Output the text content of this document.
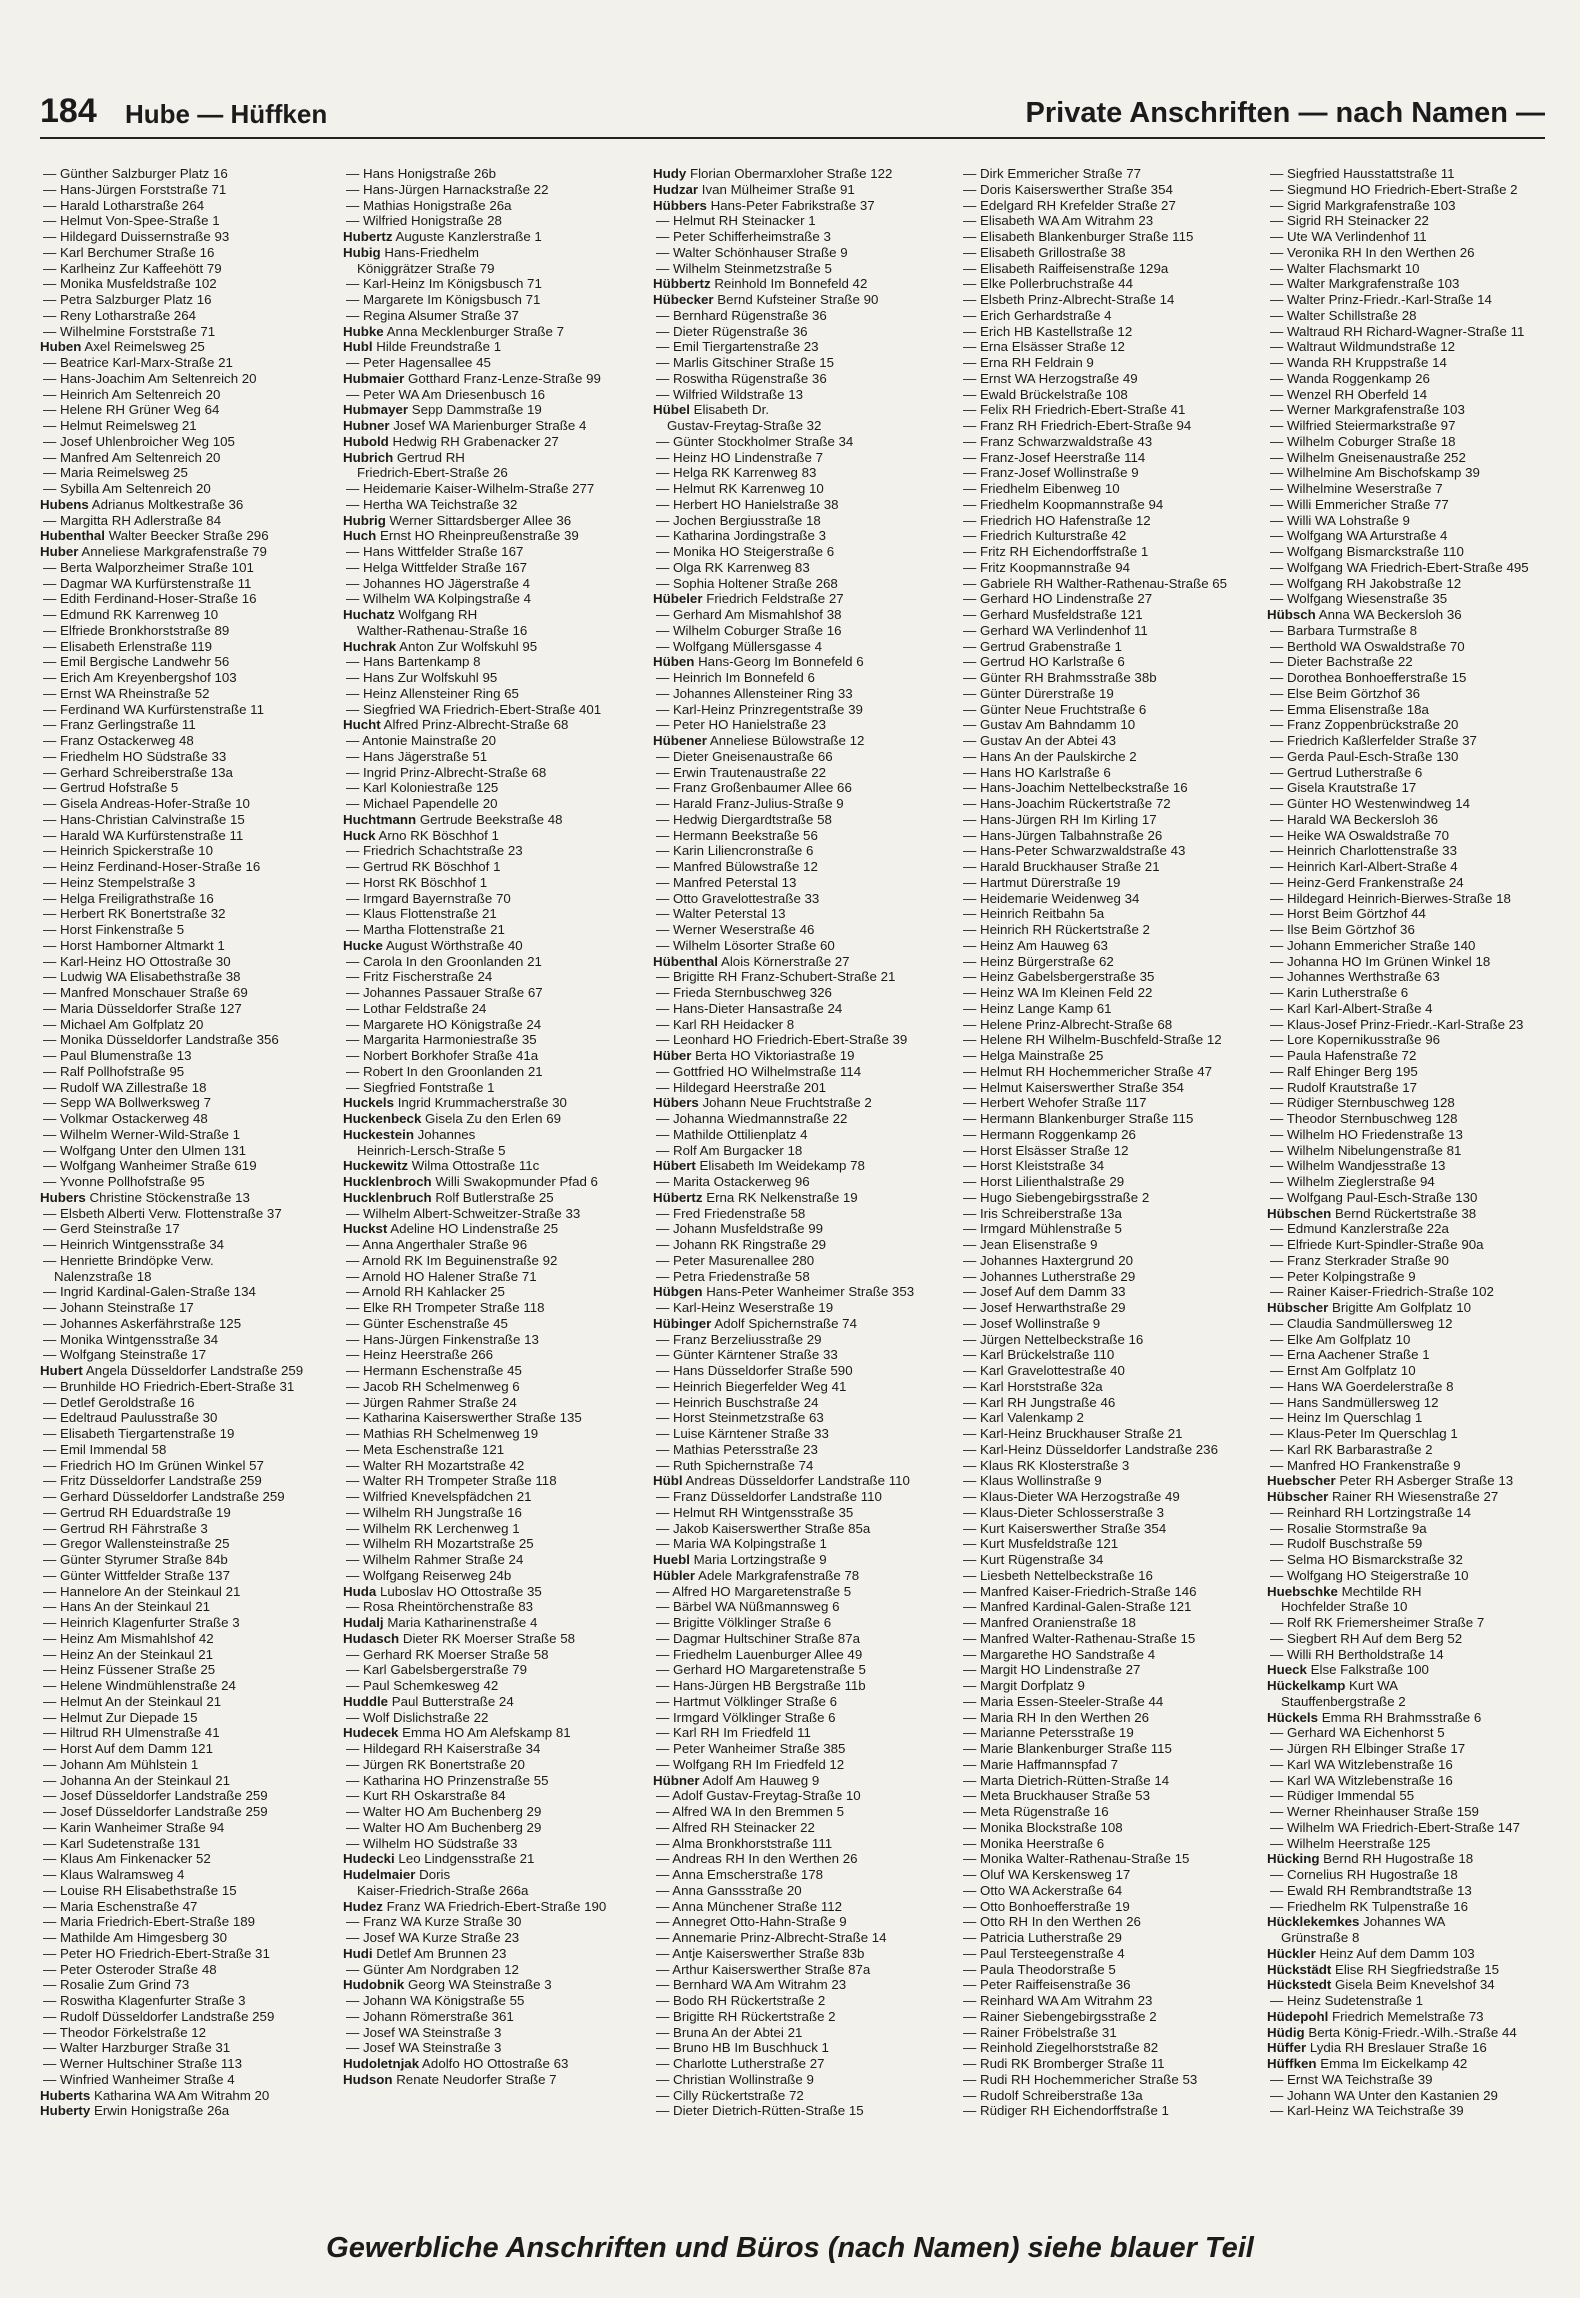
184 Hube — Hüffken	Private Anschriften — nach Namen —
— Günther Salzburger Platz 16
— Hans-Jürgen Forststraße 71
— Harald Lotharstraße 264
— Helmut Von-Spee-Straße 1
— Hildegard Duissernstraße 93
— Karl Berchumer Straße 16
— Karlheinz Zur Kaffeehött 79
— Monika Musfeldstraße 102
— Petra Salzburger Platz 16
— Reny Lotharstraße 264
— Wilhelmine Forststraße 71
Huben Axel Reimelsweg 25
— Beatrice Karl-Marx-Straße 21
— Hans-Joachim Am Seltenreich 20
— Heinrich Am Seltenreich 20
— Helene RH Grüner Weg 64
— Helmut Reimelsweg 21
— Josef Uhlenbroicher Weg 105
— Manfred Am Seltenreich 20
— Maria Reimelsweg 25
— Sybilla Am Seltenreich 20
Hubens Adrianus Moltkestraße 36
— Margitta RH Adlerstraße 84
Hubenthal Walter Beecker Straße 296
Huber Anneliese Markgrafenstraße 79
— Berta Walporzheimer Straße 101
— Dagmar WA Kurfürstenstraße 11
— Edith Ferdinand-Hoser-Straße 16
— Edmund RK Karrenweg 10
— Elfriede Bronkhorststraße 89
— Elisabeth Erlenstraße 119
— Emil Bergische Landwehr 56
— Erich Am Kreyenbergshof 103
— Ernst WA Rheinstraße 52
— Ferdinand WA Kurfürstenstraße 11
— Franz Gerlingstraße 11
— Franz Ostackerweg 48
— Friedhelm HO Südstraße 33
— Gerhard Schreiberstraße 13a
— Gertrud Hofstraße 5
— Gisela Andreas-Hofer-Straße 10
— Hans-Christian Calvinstraße 15
— Harald WA Kurfürstenstraße 11
— Heinrich Spickerstraße 10
— Heinz Ferdinand-Hoser-Straße 16
— Heinz Stempelstraße 3
— Helga Freiligrathstraße 16
— Herbert RK Bonertstraße 32
— Horst Finkenstraße 5
— Horst Hamborner Altmarkt 1
— Karl-Heinz HO Ottostraße 30
— Ludwig WA Elisabethstraße 38
— Manfred Monschauer Straße 69
— Maria Düsseldorfer Straße 127
— Michael Am Golfplatz 20
— Monika Düsseldorfer Landstraße 356
— Paul Blumenstraße 13
— Ralf Pollhofstraße 95
— Rudolf WA Zillestraße 18
— Sepp WA Bollwerksweg 7
— Volkmar Ostackerweg 48
— Wilhelm Werner-Wild-Straße 1
— Wolfgang Unter den Ulmen 131
— Wolfgang Wanheimer Straße 619
— Yvonne Pollhofstraße 95
Hubers Christine Stöckenstraße 13
— Elsbeth Alberti Verw. Flottenstraße 37
— Gerd Steinstraße 17
— Heinrich Wintgensstraße 34
— Henriette Brindöpke Verw.
Nalenzstraße 18
— Ingrid Kardinal-Galen-Straße 134
— Johann Steinstraße 17
— Johannes Askerfährstraße 125
— Monika Wintgensstraße 34
— Wolfgang Steinstraße 17
Hubert Angela Düsseldorfer Landstraße 259
— Brunhilde HO Friedrich-Ebert-Straße 31
— Detlef Geroldstraße 16
— Edeltraud Paulusstraße 30
— Elisabeth Tiergartenstraße 19
— Emil Immendal 58
— Friedrich HO Im Grünen Winkel 57
— Fritz Düsseldorfer Landstraße 259
— Gerhard Düsseldorfer Landstraße 259
— Gertrud RH Eduardstraße 19
— Gertrud RH Fährstraße 3
— Gregor Wallensteinstraße 25
— Günter Styrumer Straße 84b
— Günter Wittfelder Straße 137
— Hannelore An der Steinkaul 21
— Hans An der Steinkaul 21
— Heinrich Klagenfurter Straße 3
— Heinz Am Mismahlshof 42
— Heinz An der Steinkaul 21
— Heinz Füssener Straße 25
— Helene Windmühlenstraße 24
— Helmut An der Steinkaul 21
— Helmut Zur Diepade 15
— Hiltrud RH Ulmenstraße 41
— Horst Auf dem Damm 121
— Johann Am Mühlstein 1
— Johanna An der Steinkaul 21
— Josef Düsseldorfer Landstraße 259
— Josef Düsseldorfer Landstraße 259
— Karin Wanheimer Straße 94
— Karl Sudetenstraße 131
— Klaus Am Finkenacker 52
— Klaus Walramsweg 4
— Louise RH Elisabethstraße 15
— Maria Eschenstraße 47
— Maria Friedrich-Ebert-Straße 189
— Mathilde Am Himgesberg 30
— Peter HO Friedrich-Ebert-Straße 31
— Peter Osteroder Straße 48
— Rosalie Zum Grind 73
— Roswitha Klagenfurter Straße 3
— Rudolf Düsseldorfer Landstraße 259
— Theodor Förkelstraße 12
— Walter Harzburger Straße 31
— Werner Hultschiner Straße 113
— Winfried Wanheimer Straße 4
Huberts Katharina WA Am Witrahm 20
Huberty Erwin Honigstraße 26a
— Hans Honigstraße 26b
— Hans-Jürgen Harnackstraße 22
— Mathias Honigstraße 26a
— Wilfried Honigstraße 28
Hubertz Auguste Kanzlerstraße 1
Hubig Hans-Friedhelm
Königgrätzer Straße 79
— Karl-Heinz Im Königsbusch 71
— Margarete Im Königsbusch 71
— Regina Alsumer Straße 37
Hubke Anna Mecklenburger Straße 7
Hubl Hilde Freundstraße 1
— Peter Hagensallee 45
Hubmaier Gotthard Franz-Lenze-Straße 99
— Peter WA Am Driesenbusch 16
Hubmayer Sepp Dammstraße 19
Hubner Josef WA Marienburger Straße 4
Hubold Hedwig RH Grabenacker 27
Hubrich Gertrud RH
Friedrich-Ebert-Straße 26
— Heidemarie Kaiser-Wilhelm-Straße 277
— Hertha WA Teichstraße 32
Hubrig Werner Sittardsberger Allee 36
Huch Ernst HO Rheinpreußenstraße 39
— Hans Wittfelder Straße 167
— Helga Wittfelder Straße 167
— Johannes HO Jägerstraße 4
— Wilhelm WA Kolpingstraße 4
Huchatz Wolfgang RH
Walther-Rathenau-Straße 16
Huchrak Anton Zur Wolfskuhl 95
— Hans Bartenkamp 8
— Hans Zur Wolfskuhl 95
— Heinz Allensteiner Ring 65
— Siegfried WA Friedrich-Ebert-Straße 401
Hucht Alfred Prinz-Albrecht-Straße 68
— Antonie Mainstraße 20
— Hans Jägerstraße 51
— Ingrid Prinz-Albrecht-Straße 68
— Karl Koloniestraße 125
— Michael Papendelle 20
Huchtmann Gertrude Beekstraße 48
Huck Arno RK Böschhof 1
— Friedrich Schachtstraße 23
— Gertrud RK Böschhof 1
— Horst RK Böschhof 1
— Irmgard Bayernstraße 70
— Klaus Flottenstraße 21
— Martha Flottenstraße 21
Hucke August Wörthstraße 40
— Carola In den Groonlanden 21
— Fritz Fischerstraße 24
— Johannes Passauer Straße 67
— Lothar Feldstraße 24
— Margarete HO Königstraße 24
— Margarita Harmoniestraße 35
— Norbert Borkhofer Straße 41a
— Robert In den Groonlanden 21
— Siegfried Fontstraße 1
Huckels Ingrid Krummacherstraße 30
Huckenbeck Gisela Zu den Erlen 69
Huckestein Johannes
Heinrich-Lersch-Straße 5
Huckewitz Wilma Ottostraße 11c
Hucklenbroch Willi Swakopmunder Pfad 6
Hucklenbruch Rolf Butlerstraße 25
— Wilhelm Albert-Schweitzer-Straße 33
Huckst Adeline HO Lindenstraße 25
— Anna Angerthaler Straße 96
— Arnold RK Im Beguinenstraße 92
— Arnold HO Halener Straße 71
— Arnold RH Kahlacker 25
— Elke RH Trompeter Straße 118
— Günter Eschenstraße 45
— Hans-Jürgen Finkenstraße 13
— Heinz Heerstraße 266
— Hermann Eschenstraße 45
— Jacob RH Schelmenweg 6
— Jürgen Rahmer Straße 24
— Katharina Kaiserswerther Straße 135
— Mathias RH Schelmenweg 19
— Meta Eschenstraße 121
— Walter RH Mozartstraße 42
— Walter RH Trompeter Straße 118
— Wilfried Knevelspfädchen 21
— Wilhelm RH Jungstraße 16
— Wilhelm RK Lerchenweg 1
— Wilhelm RH Mozartstraße 25
— Wilhelm Rahmer Straße 24
— Wolfgang Reiserweg 24b
Huda Luboslav HO Ottostraße 35
— Rosa Rheintörchenstraße 83
Hudalj Maria Katharinenstraße 4
Hudasch Dieter RK Moerser Straße 58
— Gerhard RK Moerser Straße 58
— Karl Gabelsbergerstraße 79
— Paul Schemkesweg 42
Huddle Paul Butterstraße 24
— Wolf Dislichstraße 22
Hudecek Emma HO Am Alefskamp 81
— Hildegard RH Kaiserstraße 34
— Jürgen RK Bonertstraße 20
— Katharina HO Prinzenstraße 55
— Kurt RH Oskarstraße 84
— Walter HO Am Buchenberg 29
— Walter HO Am Buchenberg 29
— Wilhelm HO Südstraße 33
Hudecki Leo Lindgensstraße 21
Hudelmaier Doris
Kaiser-Friedrich-Straße 266a
Hudez Franz WA Friedrich-Ebert-Straße 190
— Franz WA Kurze Straße 30
— Josef WA Kurze Straße 23
Hudi Detlef Am Brunnen 23
— Günter Am Nordgraben 12
Hudobnik Georg WA Steinstraße 3
— Johann WA Königstraße 55
— Johann Römerstraße 361
— Josef WA Steinstraße 3
— Josef WA Steinstraße 3
Hudoletnjak Adolfo HO Ottostraße 63
Hudson Renate Neudorfer Straße 7
Hudy Florian Obermarxloher Straße 122
Hudzar Ivan Mülheimer Straße 91
Hübbers Hans-Peter Fabrikstraße 37
— Helmut RH Steinacker 1
— Peter Schifferheimstraße 3
— Walter Schönhauser Straße 9
— Wilhelm Steinmetzstraße 5
Hübbertz Reinhold Im Bonnefeld 42
Hübecker Bernd Kufsteiner Straße 90
— Bernhard Rügenstraße 36
— Dieter Rügenstraße 36
— Emil Tiergartenstraße 23
— Marlis Gitschiner Straße 15
— Roswitha Rügenstraße 36
— Wilfried Wildstraße 13
Hübel Elisabeth Dr.
Gustav-Freytag-Straße 32
— Günter Stockholmer Straße 34
— Heinz HO Lindenstraße 7
— Helga RK Karrenweg 83
— Helmut RK Karrenweg 10
— Herbert HO Hanielstraße 38
— Jochen Bergiusstraße 18
— Katharina Jordingstraße 3
— Monika HO Steigerstraße 6
— Olga RK Karrenweg 83
— Sophia Holtener Straße 268
Hübeler Friedrich Feldstraße 27
— Gerhard Am Mismahlshof 38
— Wilhelm Coburger Straße 16
— Wolfgang Müllersgasse 4
Hüben Hans-Georg Im Bonnefeld 6
— Heinrich Im Bonnefeld 6
— Johannes Allensteiner Ring 33
— Karl-Heinz Prinzregentstraße 39
— Peter HO Hanielstraße 23
Hübener Anneliese Bülowstraße 12
— Dieter Gneisenaustraße 66
— Erwin Trautenaustraße 22
— Franz Großenbaumer Allee 66
— Harald Franz-Julius-Straße 9
— Hedwig Diergardtstraße 58
— Hermann Beekstraße 56
— Karin Liliencronstraße 6
— Manfred Bülowstraße 12
— Manfred Peterstal 13
— Otto Gravelottestraße 33
— Walter Peterstal 13
— Werner Weserstraße 46
— Wilhelm Lösorter Straße 60
Hübenthal Alois Körnerstraße 27
— Brigitte RH Franz-Schubert-Straße 21
— Frieda Sternbuschweg 326
— Hans-Dieter Hansastraße 24
— Karl RH Heidacker 8
— Leonhard HO Friedrich-Ebert-Straße 39
Hüber Berta HO Viktoriastraße 19
— Gottfried HO Wilhelmstraße 114
— Hildegard Heerstraße 201
Hübers Johann Neue Fruchtstraße 2
— Johanna Wiedmannstraße 22
— Mathilde Ottilienplatz 4
— Rolf Am Burgacker 18
Hübert Elisabeth Im Weidekamp 78
— Marita Ostackerweg 96
Hübertz Erna RK Nelkenstraße 19
— Fred Friedenstraße 58
— Johann Musfeldstraße 99
— Johann RK Ringstraße 29
— Peter Masurenallee 280
— Petra Friedenstraße 58
Hübgen Hans-Peter Wanheimer Straße 353
— Karl-Heinz Weserstraße 19
Hübinger Adolf Spichernstraße 74
— Franz Berzeliusstraße 29
— Günter Kärntener Straße 33
— Hans Düsseldorfer Straße 590
— Heinrich Biegerfelder Weg 41
— Heinrich Buschstraße 24
— Horst Steinmetzstraße 63
— Luise Kärntener Straße 33
— Mathias Petersstraße 23
— Ruth Spichernstraße 74
Hübl Andreas Düsseldorfer Landstraße 110
— Franz Düsseldorfer Landstraße 110
— Helmut RH Wintgensstraße 35
— Jakob Kaiserswerther Straße 85a
— Maria WA Kolpingstraße 1
Huebl Maria Lortzingstraße 9
Hübler Adele Markgrafenstraße 78
— Alfred HO Margaretenstraße 5
— Bärbel WA Nüßmannsweg 6
— Brigitte Völklinger Straße 6
— Dagmar Hultschiner Straße 87a
— Friedhelm Lauenburger Allee 49
— Gerhard HO Margaretenstraße 5
— Hans-Jürgen HB Bergstraße 11b
— Hartmut Völklinger Straße 6
— Irmgard Völklinger Straße 6
— Karl RH Im Friedfeld 11
— Peter Wanheimer Straße 385
— Wolfgang RH Im Friedfeld 12
Hübner Adolf Am Hauweg 9
— Adolf Gustav-Freytag-Straße 10
— Alfred WA In den Bremmen 5
— Alfred RH Steinacker 22
— Alma Bronkhorststraße 111
— Andreas RH In den Werthen 26
— Anna Emscherstraße 178
— Anna Ganssstraße 20
— Anna Münchener Straße 112
— Annegret Otto-Hahn-Straße 9
— Annemarie Prinz-Albrecht-Straße 14
— Antje Kaiserswerther Straße 83b
— Arthur Kaiserswerther Straße 87a
— Bernhard WA Am Witrahm 23
— Bodo RH Rückertstraße 2
— Brigitte RH Rückertstraße 2
— Bruna An der Abtei 21
— Bruno HB Im Buschhuck 1
— Charlotte Lutherstraße 27
— Christian Wollinstraße 9
— Cilly Rückertstraße 72
— Dieter Dietrich-Rütten-Straße 15
— Dirk Emmericher Straße 77
— Doris Kaiserswerther Straße 354
— Edelgard RH Krefelder Straße 27
— Elisabeth WA Am Witrahm 23
— Elisabeth Blankenburger Straße 115
— Elisabeth Grillostraße 38
— Elisabeth Raiffeisenstraße 129a
— Elke Pollerbruchstraße 44
— Elsbeth Prinz-Albrecht-Straße 14
— Erich Gerhardstraße 4
— Erich HB Kastellstraße 12
— Erna Elsässer Straße 12
— Erna RH Feldrain 9
— Ernst WA Herzogstraße 49
— Ewald Brückelstraße 108
— Felix RH Friedrich-Ebert-Straße 41
— Franz RH Friedrich-Ebert-Straße 94
— Franz Schwarzwaldstraße 43
— Franz-Josef Heerstraße 114
— Franz-Josef Wollinstraße 9
— Friedhelm Eibenweg 10
— Friedhelm Koopmannstraße 94
— Friedrich HO Hafenstraße 12
— Friedrich Kulturstraße 42
— Fritz RH Eichendorffstraße 1
— Fritz Koopmannstraße 94
— Gabriele RH Walther-Rathenau-Straße 65
— Gerhard HO Lindenstraße 27
— Gerhard Musfeldstraße 121
— Gerhard WA Verlindenhof 11
— Gertrud Grabenstraße 1
— Gertrud HO Karlstraße 6
— Günter RH Brahmsstraße 38b
— Günter Dürerstraße 19
— Günter Neue Fruchtstraße 6
— Gustav Am Bahndamm 10
— Gustav An der Abtei 43
— Hans An der Paulskirche 2
— Hans HO Karlstraße 6
— Hans-Joachim Nettelbeckstraße 16
— Hans-Joachim Rückertstraße 72
— Hans-Jürgen RH Im Kirling 17
— Hans-Jürgen Talbahnstraße 26
— Hans-Peter Schwarzwaldstraße 43
— Harald Bruckhauser Straße 21
— Hartmut Dürerstraße 19
— Heidemarie Weidenweg 34
— Heinrich Reitbahn 5a
— Heinrich RH Rückertstraße 2
— Heinz Am Hauweg 63
— Heinz Bürgerstraße 62
— Heinz Gabelsbergerstraße 35
— Heinz WA Im Kleinen Feld 22
— Heinz Lange Kamp 61
— Helene Prinz-Albrecht-Straße 68
— Helene RH Wilhelm-Buschfeld-Straße 12
— Helga Mainstraße 25
— Helmut RH Hochemmericher Straße 47
— Helmut Kaiserswerther Straße 354
— Herbert Wehofer Straße 117
— Hermann Blankenburger Straße 115
— Hermann Roggenkamp 26
— Horst Elsässer Straße 12
— Horst Kleiststraße 34
— Horst Lilienthalstraße 29
— Hugo Siebengebirgsstraße 2
— Iris Schreiberstraße 13a
— Irmgard Mühlenstraße 5
— Jean Elisenstraße 9
— Johannes Haxtergrund 20
— Johannes Lutherstraße 29
— Josef Auf dem Damm 33
— Josef Herwarthstraße 29
— Josef Wollinstraße 9
— Jürgen Nettelbeckstraße 16
— Karl Brückelstraße 110
— Karl Gravelottestraße 40
— Karl Horststraße 32a
— Karl RH Jungstraße 46
— Karl Valenkamp 2
— Karl-Heinz Bruckhauser Straße 21
— Karl-Heinz Düsseldorfer Landstraße 236
— Klaus RK Klosterstraße 3
— Klaus Wollinstraße 9
— Klaus-Dieter WA Herzogstraße 49
— Klaus-Dieter Schlosserstraße 3
— Kurt Kaiserswerther Straße 354
— Kurt Musfeldstraße 121
— Kurt Rügenstraße 34
— Liesbeth Nettelbeckstraße 16
— Manfred Kaiser-Friedrich-Straße 146
— Manfred Kardinal-Galen-Straße 121
— Manfred Oranienstraße 18
— Manfred Walter-Rathenau-Straße 15
— Margarethe HO Sandstraße 4
— Margit HO Lindenstraße 27
— Margit Dorfplatz 9
— Maria Essen-Steeler-Straße 44
— Maria RH In den Werthen 26
— Marianne Petersstraße 19
— Marie Blankenburger Straße 115
— Marie Haffmannspfad 7
— Marta Dietrich-Rütten-Straße 14
— Meta Bruckhauser Straße 53
— Meta Rügenstraße 16
— Monika Blockstraße 108
— Monika Heerstraße 6
— Monika Walter-Rathenau-Straße 15
— Oluf WA Kerskensweg 17
— Otto WA Ackerstraße 64
— Otto Bonhoefferstraße 19
— Otto RH In den Werthen 26
— Patricia Lutherstraße 29
— Paul Tersteegenstraße 4
— Paula Theodorstraße 5
— Peter Raiffeisenstraße 36
— Reinhard WA Am Witrahm 23
— Rainer Siebengebirgsstraße 2
— Rainer Fröbelstraße 31
— Reinhold Ziegelhorststraße 82
— Rudi RK Bromberger Straße 11
— Rudi RH Hochemmericher Straße 53
— Rudolf Schreiberstraße 13a
— Rüdiger RH Eichendorffstraße 1
— Siegfried Hausstattstraße 11
— Siegmund HO Friedrich-Ebert-Straße 2
— Sigrid Markgrafenstraße 103
— Sigrid RH Steinacker 22
— Ute WA Verlindenhof 11
— Veronika RH In den Werthen 26
— Walter Flachsmarkt 10
— Walter Markgrafenstraße 103
— Walter Prinz-Friedr.-Karl-Straße 14
— Walter Schillstraße 28
— Waltraud RH Richard-Wagner-Straße 11
— Waltraut Wildmundstraße 12
— Wanda RH Kruppstraße 14
— Wanda Roggenkamp 26
— Wenzel RH Oberfeld 14
— Werner Markgrafenstraße 103
— Wilfried Steiermarkstraße 97
— Wilhelm Coburger Straße 18
— Wilhelm Gneisenaustraße 252
— Wilhelmine Am Bischofskamp 39
— Wilhelmine Weserstraße 7
— Willi Emmericher Straße 77
— Willi WA Lohstraße 9
— Wolfgang WA Arturstraße 4
— Wolfgang Bismarckstraße 110
— Wolfgang WA Friedrich-Ebert-Straße 495
— Wolfgang RH Jakobstraße 12
— Wolfgang Wiesenstraße 35
Hübsch Anna WA Beckersloh 36
— Barbara Turmstraße 8
— Berthold WA Oswaldstraße 70
— Dieter Bachstraße 22
— Dorothea Bonhoefferstraße 15
— Else Beim Görtzhof 36
— Emma Elisenstraße 18a
— Franz Zoppenbrückstraße 20
— Friedrich Kaßlerfelder Straße 37
— Gerda Paul-Esch-Straße 130
— Gertrud Lutherstraße 6
— Gisela Krautstraße 17
— Günter HO Westenwindweg 14
— Harald WA Beckersloh 36
— Heike WA Oswaldstraße 70
— Heinrich Charlottenstraße 33
— Heinrich Karl-Albert-Straße 4
— Heinz-Gerd Frankenstraße 24
— Hildegard Heinrich-Bierwes-Straße 18
— Horst Beim Görtzhof 44
— Ilse Beim Görtzhof 36
— Johann Emmericher Straße 140
— Johanna HO Im Grünen Winkel 18
— Johannes Werthstraße 63
— Karin Lutherstraße 6
— Karl Karl-Albert-Straße 4
— Klaus-Josef Prinz-Friedr.-Karl-Straße 23
— Lore Kopernikusstraße 96
— Paula Hafenstraße 72
— Ralf Ehinger Berg 195
— Rudolf Krautstraße 17
— Rüdiger Sternbuschweg 128
— Theodor Sternbuschweg 128
— Wilhelm HO Friedenstraße 13
— Wilhelm Nibelungenstraße 81
— Wilhelm Wandjesstraße 13
— Wilhelm Zieglerstraße 94
— Wolfgang Paul-Esch-Straße 130
Hübschen Bernd Rückertstraße 38
— Edmund Kanzlerstraße 22a
— Elfriede Kurt-Spindler-Straße 90a
— Franz Sterkrader Straße 90
— Peter Kolpingstraße 9
— Rainer Kaiser-Friedrich-Straße 102
Hübscher Brigitte Am Golfplatz 10
— Claudia Sandmüllersweg 12
— Elke Am Golfplatz 10
— Erna Aachener Straße 1
— Ernst Am Golfplatz 10
— Hans WA Goerdelerstraße 8
— Hans Sandmüllersweg 12
— Heinz Im Querschlag 1
— Klaus-Peter Im Querschlag 1
— Karl RK Barbarastraße 2
— Manfred HO Frankenstraße 9
Huebscher Peter RH Asberger Straße 13
Hübscher Rainer RH Wiesenstraße 27
— Reinhard RH Lortzingstraße 14
— Rosalie Stormstraße 9a
— Rudolf Buschstraße 59
— Selma HO Bismarckstraße 32
— Wolfgang HO Steigerstraße 10
Huebschke Mechtilde RH
Hochfelder Straße 10
— Rolf RK Friemersheimer Straße 7
— Siegbert RH Auf dem Berg 52
— Willi RH Bertholdstraße 14
Hueck Else Falkstraße 100
Hückelkamp Kurt WA
Stauffenbergstraße 2
Hückels Emma RH Brahmsstraße 6
— Gerhard WA Eichenhorst 5
— Jürgen RH Elbinger Straße 17
— Karl WA Witzlebenstraße 16
— Karl WA Witzlebenstraße 16
— Rüdiger Immendal 55
— Werner Rheinhauser Straße 159
— Wilhelm WA Friedrich-Ebert-Straße 147
— Wilhelm Heerstraße 125
Hücking Bernd RH Hugostraße 18
— Cornelius RH Hugostraße 18
— Ewald RH Rembrandtstraße 13
— Friedhelm RK Tulpenstraße 16
Hücklekemkes Johannes WA
Grünstraße 8
Hückler Heinz Auf dem Damm 103
Hückstädt Elise RH Siegfriedstraße 15
Hückstedt Gisela Beim Knevelshof 34
— Heinz Sudetenstraße 1
Hüdepohl Friedrich Memelstraße 73
Hüdig Berta König-Friedr.-Wilh.-Straße 44
Hüffer Lydia RH Breslauer Straße 16
Hüffken Emma Im Eickelkamp 42
— Ernst WA Teichstraße 39
— Johann WA Unter den Kastanien 29
— Karl-Heinz WA Teichstraße 39
Gewerbliche Anschriften und Büros (nach Namen) siehe blauer Teil
